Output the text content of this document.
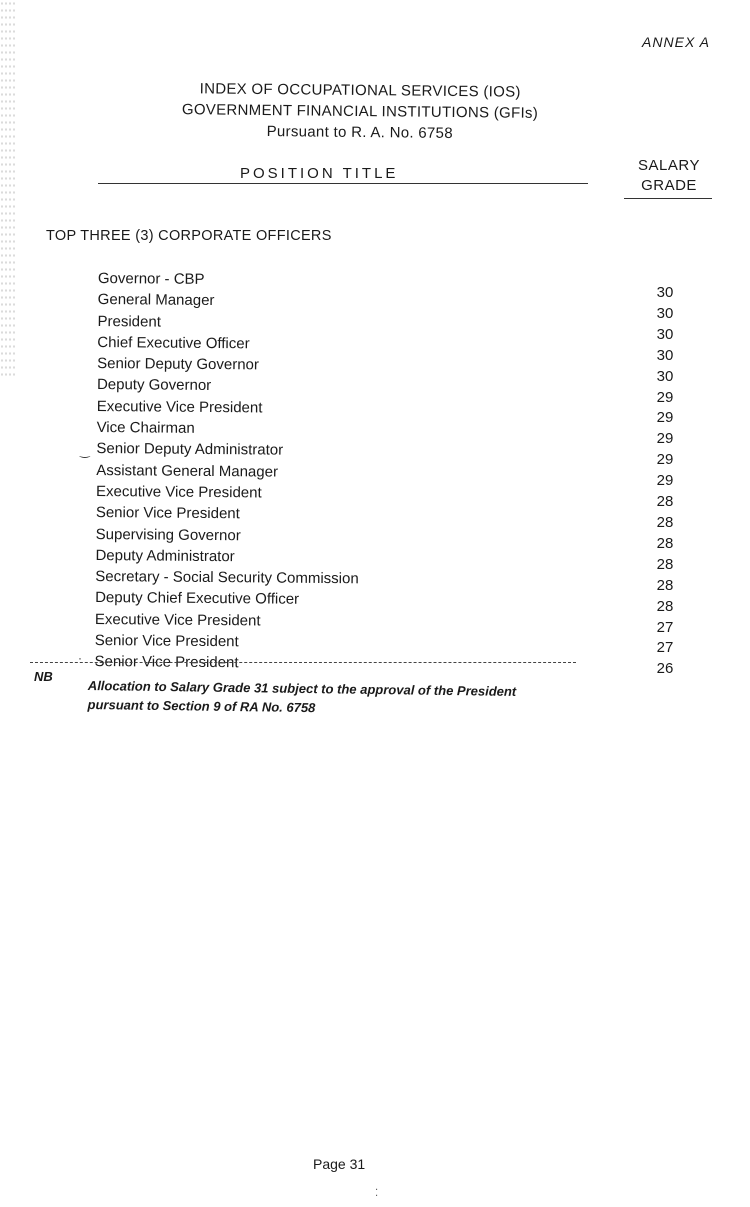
ANNEX A
INDEX OF OCCUPATIONAL SERVICES (IOS)
GOVERNMENT FINANCIAL INSTITUTIONS (GFIs)
Pursuant to R. A. No. 6758
POSITION TITLE	SALARY
GRADE
TOP THREE (3) CORPORATE OFFICERS
Governor - CBP
General Manager
President
Chief Executive Officer
Senior Deputy Governor
Deputy Governor
Executive Vice President
Vice Chairman
Senior Deputy Administrator
Assistant General Manager
Executive Vice President
Senior Vice President
Supervising Governor
Deputy Administrator
Secretary - Social Security Commission
Deputy Chief Executive Officer
Executive Vice President
Senior Vice President
Senior Vice President
30
30
30
30
30
29
29
29
29
29
28
28
28
28
28
28
27
27
26
‿
·
NB
Allocation to Salary Grade 31 subject to the approval of the President pursuant to Section 9 of RA No. 6758
Page 31
⁚
